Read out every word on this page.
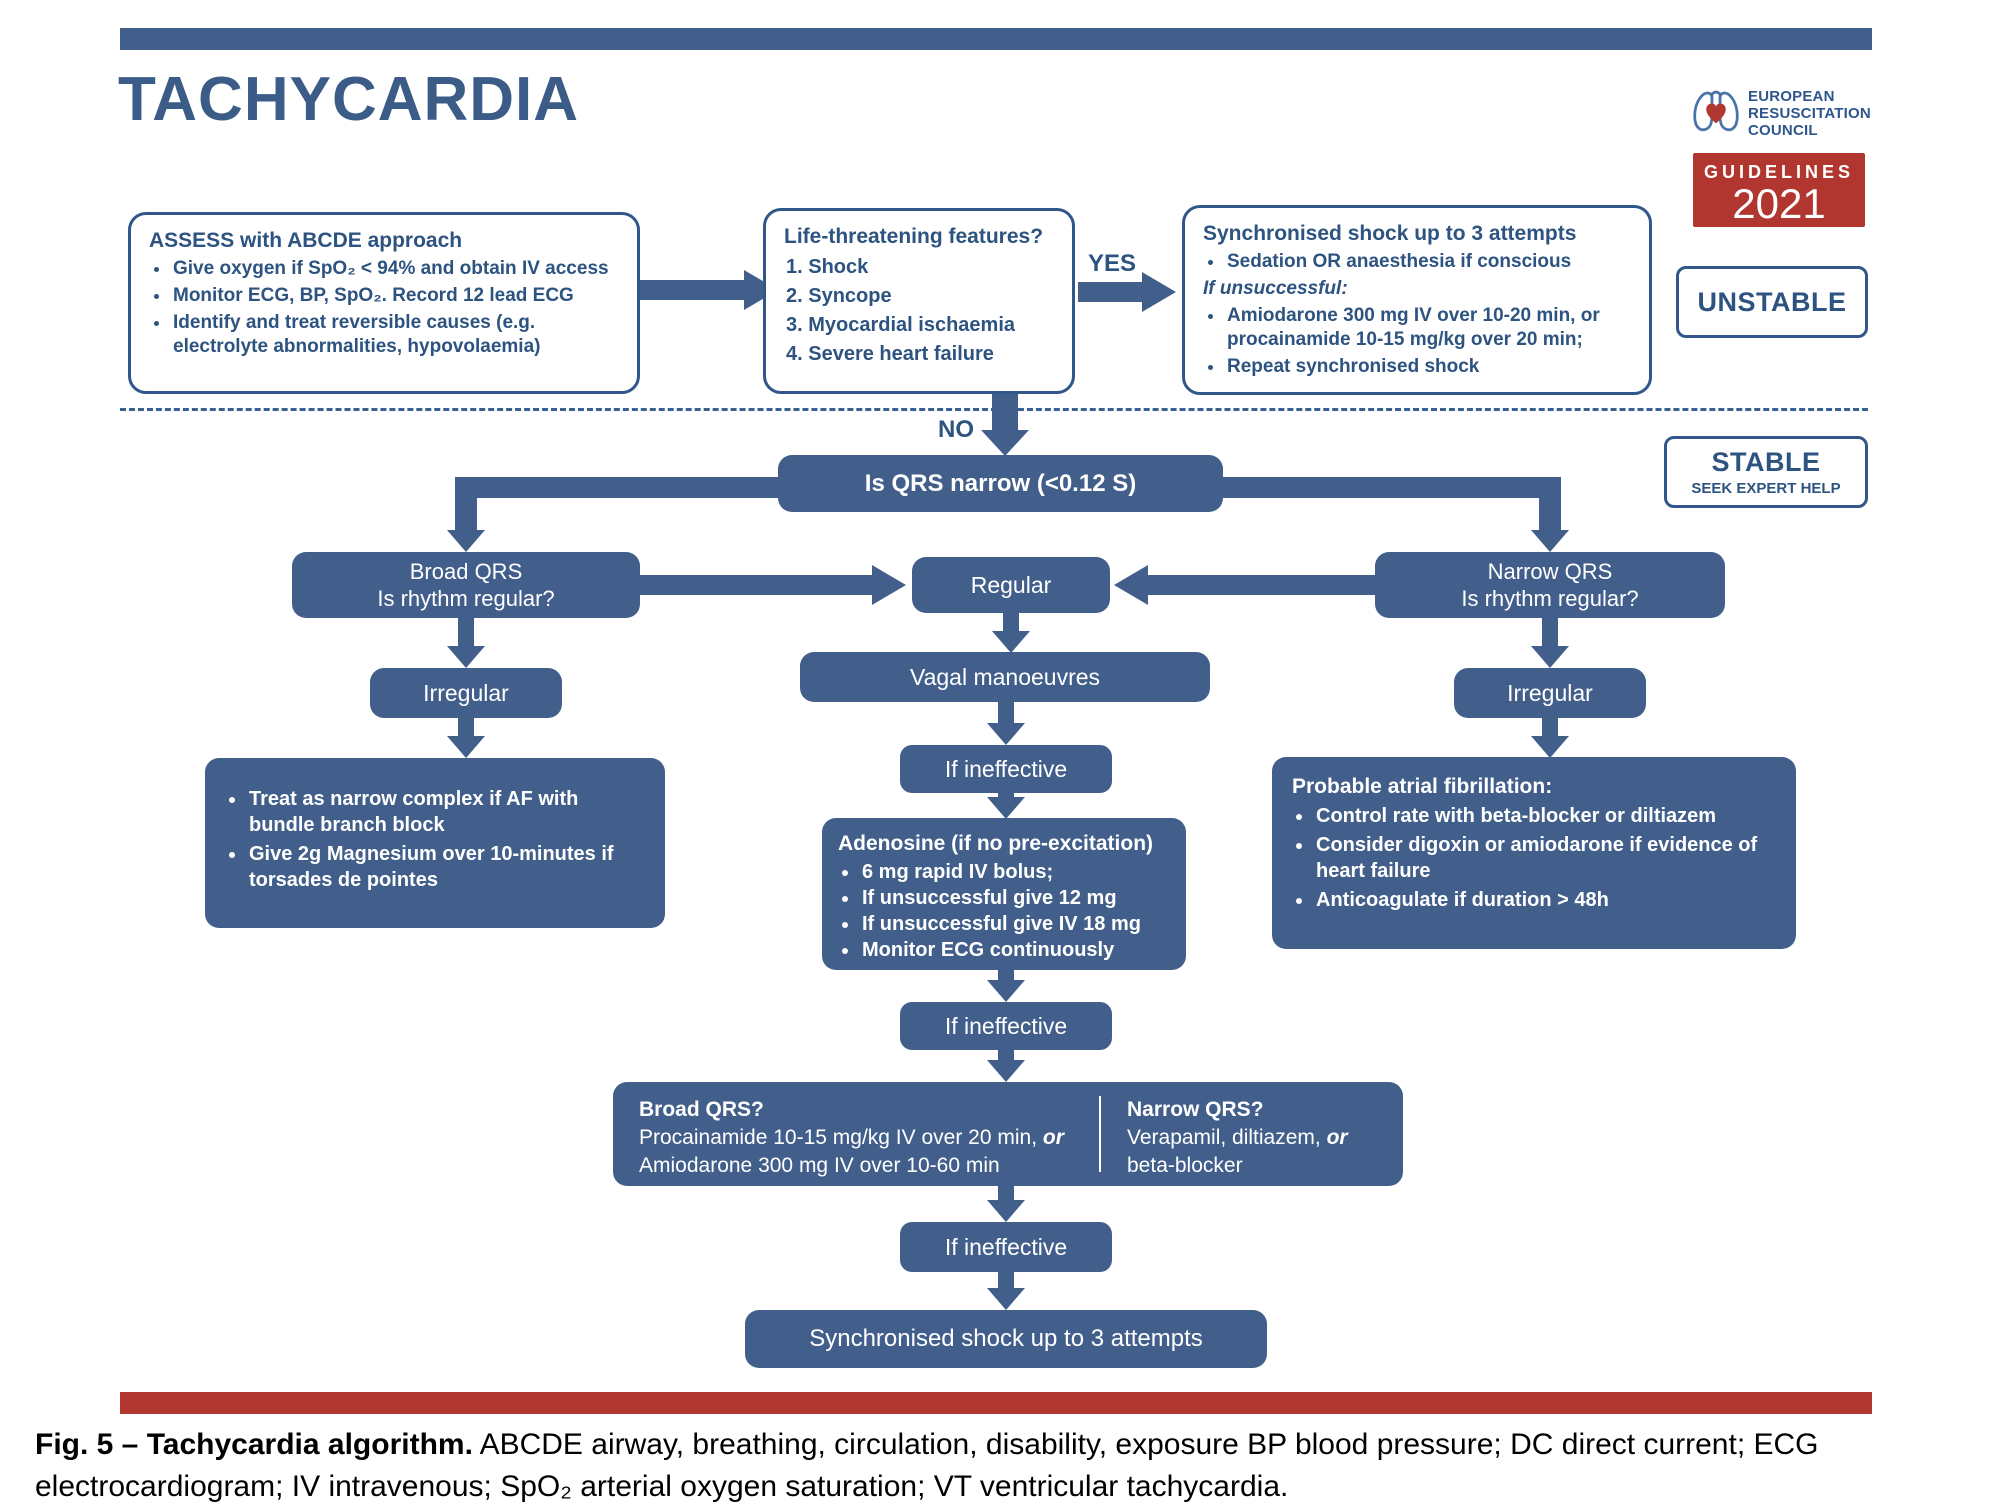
TACHYCARDIA	EUROPEAN
RESUSCITATION
COUNCIL
GUIDELINES
2021
ASSESS with ABCDE approach
• Give oxygen if SpO₂ < 94% and obtain IV access
• Monitor ECG, BP, SpO₂. Record 12 lead ECG
• Identify and treat reversible causes (e.g. electrolyte abnormalities, hypovolaemia)
Life-threatening features?
1. Shock
2. Syncope
3. Myocardial ischaemia
4. Severe heart failure
YES
Synchronised shock up to 3 attempts
• Sedation OR anaesthesia if conscious
If unsuccessful:
• Amiodarone 300 mg IV over 10-20 min, or procainamide 10-15 mg/kg over 20 min;
• Repeat synchronised shock
UNSTABLE
STABLE
SEEK EXPERT HELP
NO
Is QRS narrow (<0.12 S)
Broad QRS
Is rhythm regular?
Narrow QRS
Is rhythm regular?
Regular
Irregular	Irregular
Vagal manoeuvres
• Treat as narrow complex if AF with bundle branch block
• Give 2g Magnesium over 10-minutes if torsades de pointes
Probable atrial fibrillation:
• Control rate with beta-blocker or diltiazem
• Consider digoxin or amiodarone if evidence of heart failure
• Anticoagulate if duration > 48h
If ineffective
Adenosine (if no pre-excitation)
• 6 mg rapid IV bolus;
• If unsuccessful give 12 mg
• If unsuccessful give IV 18 mg
• Monitor ECG continuously
If ineffective
Broad QRS?
Procainamide 10-15 mg/kg IV over 20 min, or
Amiodarone 300 mg IV over 10-60 min
Narrow QRS?
Verapamil, diltiazem, or
beta-blocker
If ineffective
Synchronised shock up to 3 attempts

Fig. 5 – Tachycardia algorithm. ABCDE airway, breathing, circulation, disability, exposure BP blood pressure; DC direct current; ECG electrocardiogram; IV intravenous; SpO₂ arterial oxygen saturation; VT ventricular tachycardia.
